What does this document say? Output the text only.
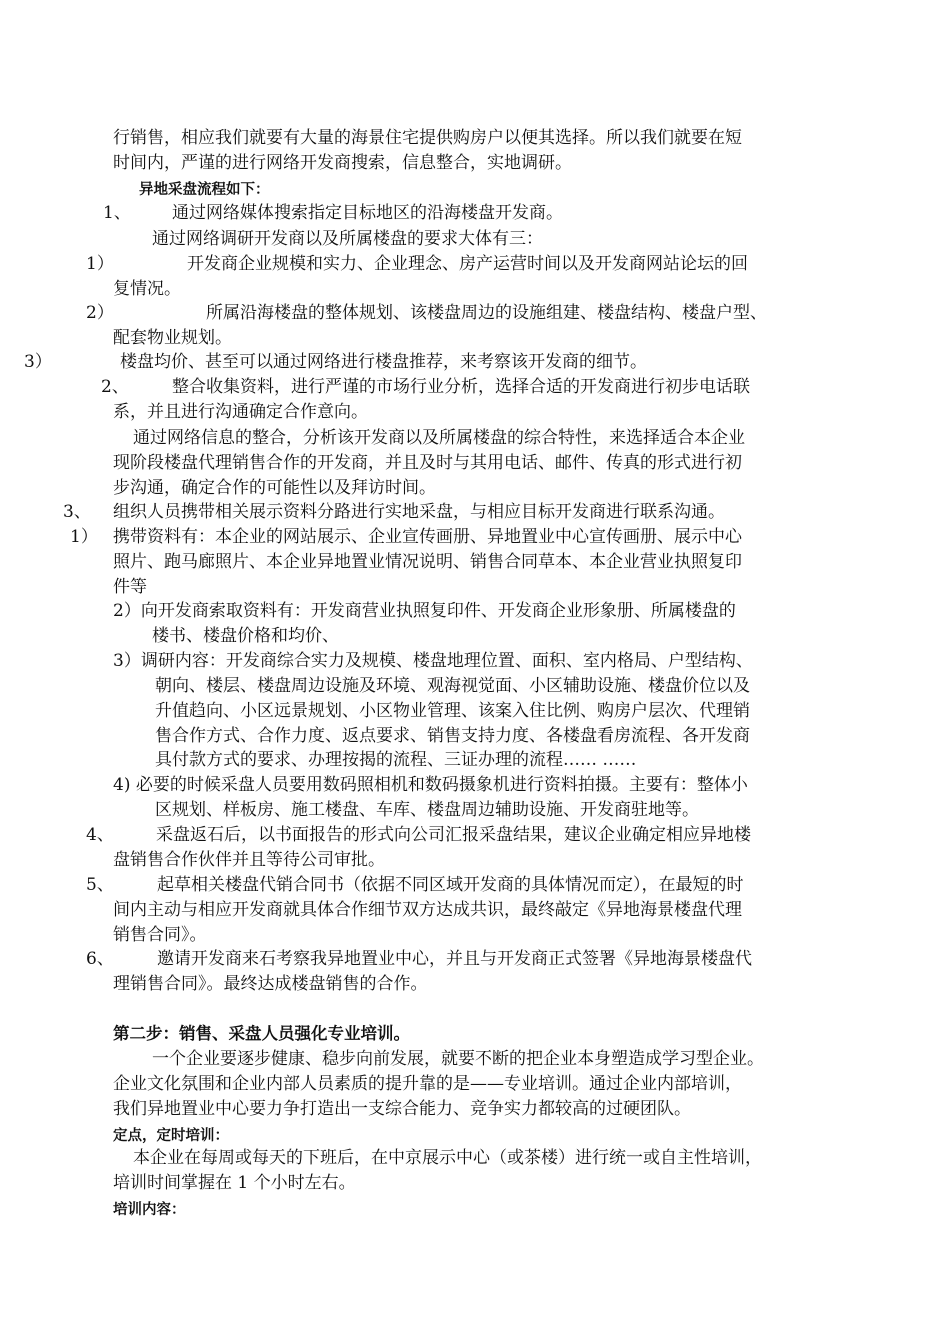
行销售，相应我们就要有大量的海景住宅提供购房户以便其选择。所以我们就要在短
时间内，严谨的进行网络开发商搜索，信息整合，实地调研。
异地采盘流程如下：
1、 通过网络媒体搜索指定目标地区的沿海楼盘开发商。
通过网络调研开发商以及所属楼盘的要求大体有三：
1）	开发商企业规模和实力、企业理念、房产运营时间以及开发商网站论坛的回
复情况。
2）	所属沿海楼盘的整体规划、该楼盘周边的设施组建、楼盘结构、楼盘户型、
配套物业规划。
3）	楼盘均价、甚至可以通过网络进行楼盘推荐，来考察该开发商的细节。
2、	整合收集资料，进行严谨的市场行业分析，选择合适的开发商进行初步电话联
系，并且进行沟通确定合作意向。
通过网络信息的整合，分析该开发商以及所属楼盘的综合特性，来选择适合本企业
现阶段楼盘代理销售合作的开发商，并且及时与其用电话、邮件、传真的形式进行初
步沟通，确定合作的可能性以及拜访时间。
3、 组织人员携带相关展示资料分路进行实地采盘，与相应目标开发商进行联系沟通。
1） 携带资料有：本企业的网站展示、企业宣传画册、异地置业中心宣传画册、展示中心
照片、跑马廊照片、本企业异地置业情况说明、销售合同草本、本企业营业执照复印
件等
2）向开发商索取资料有：开发商营业执照复印件、开发商企业形象册、所属楼盘的
楼书、楼盘价格和均价、
3）调研内容：开发商综合实力及规模、楼盘地理位置、面积、室内格局、户型结构、
朝向、楼层、楼盘周边设施及环境、观海视觉面、小区辅助设施、楼盘价位以及
升值趋向、小区远景规划、小区物业管理、该案入住比例、购房户层次、代理销
售合作方式、合作力度、返点要求、销售支持力度、各楼盘看房流程、各开发商
具付款方式的要求、办理按揭的流程、三证办理的流程…… ……
4) 必要的时候采盘人员要用数码照相机和数码摄象机进行资料拍摄。主要有：整体小
区规划、样板房、施工楼盘、车库、楼盘周边辅助设施、开发商驻地等。
4、 采盘返石后，以书面报告的形式向公司汇报采盘结果，建议企业确定相应异地楼
盘销售合作伙伴并且等待公司审批。
5、	起草相关楼盘代销合同书（依据不同区域开发商的具体情况而定），在最短的时
间内主动与相应开发商就具体合作细节双方达成共识，最终敲定《异地海景楼盘代理
销售合同》。
6、	邀请开发商来石考察我异地置业中心，并且与开发商正式签署《异地海景楼盘代
理销售合同》。最终达成楼盘销售的合作。
第二步：销售、采盘人员强化专业培训。
一个企业要逐步健康、稳步向前发展，就要不断的把企业本身塑造成学习型企业。
企业文化氛围和企业内部人员素质的提升靠的是——专业培训。通过企业内部培训，
我们异地置业中心要力争打造出一支综合能力、竞争实力都较高的过硬团队。
定点，定时培训：
本企业在每周或每天的下班后，在中京展示中心（或茶楼）进行统一或自主性培训，
培训时间掌握在 1 个小时左右。
培训内容：
